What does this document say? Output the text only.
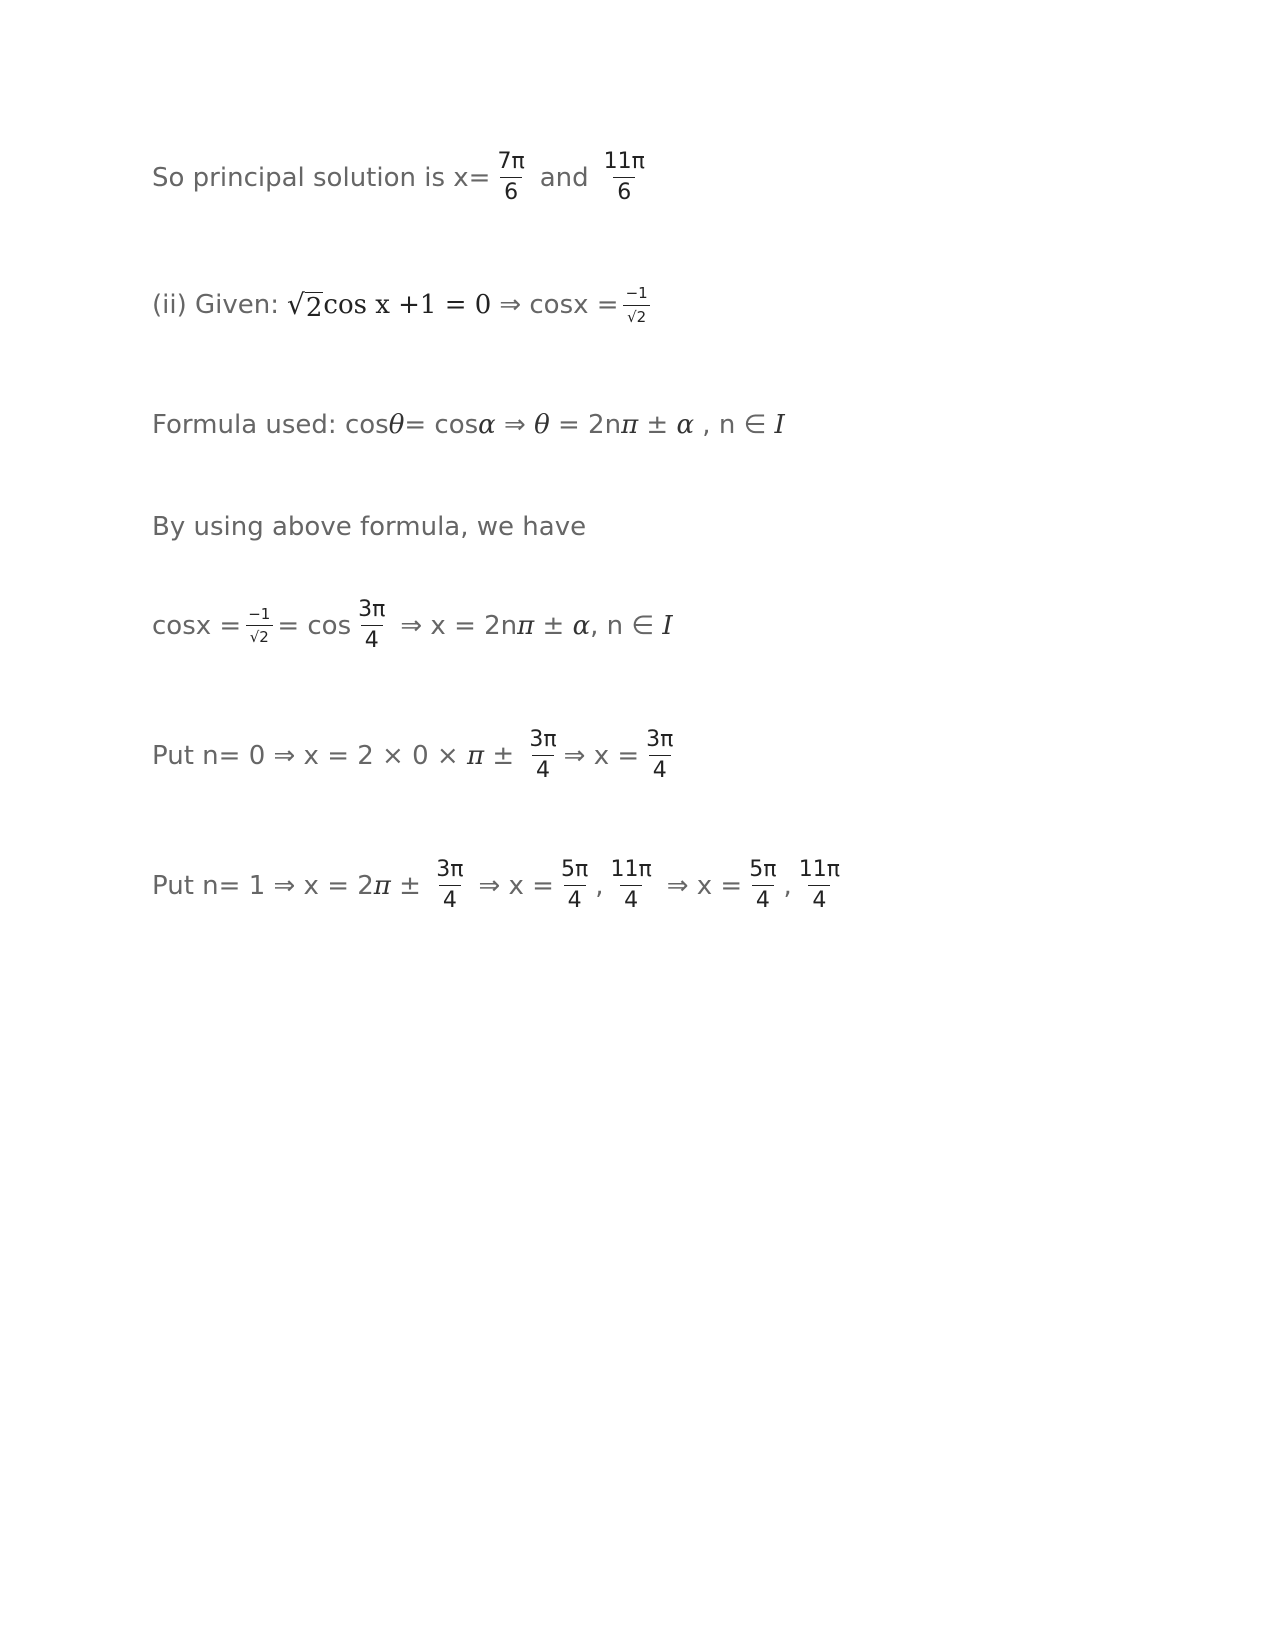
So principal solution is $x= \frac{7\pi}{6}$ and $\frac{11\pi}{6}$
(ii) Given: √ 2 cos x +1 = 0 ⇒ $\cos x = \frac{-1}{√2}$
Formula used: cos θ = cos α ⇒ θ = 2n π ± α , n ∈ I
By using above formula, we have
$\cos x = \frac{-1}{√2} = \cos \frac{3\pi}{4}$ ⇒ x = 2n π ± α , n ∈ I
Put n= 0 ⇒ $x = 2 \times 0 \times \pi \pm \frac{3\pi}{4}$ ⇒ $x = \frac{3\pi}{4}$
Put n= 1 ⇒ x = 2 $\pi \pm \frac{3\pi}{4}$ ⇒ $x = \frac{5\pi}{4}$ , $\frac{11\pi}{4}$ ⇒ $x = \frac{5\pi}{4}$ , $\frac{11\pi}{4}$
